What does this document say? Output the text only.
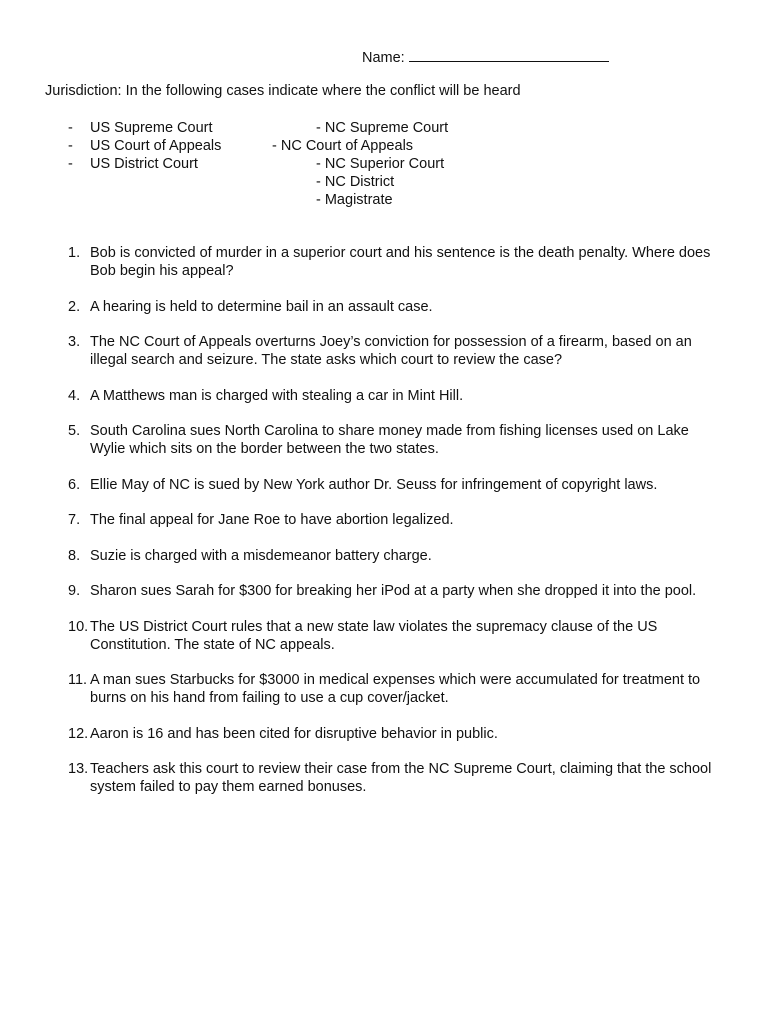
Name:
Jurisdiction: In the following cases indicate where the conflict will be heard
-	US Supreme Court
-	US Court of Appeals
-	US District Court
- NC Supreme Court
- NC Court of Appeals
- NC Superior Court
- NC District
- Magistrate
1. Bob is convicted of murder in a superior court and his sentence is the death penalty. Where does Bob begin his appeal?
2. A hearing is held to determine bail in an assault case.
3. The NC Court of Appeals overturns Joey’s conviction for possession of a firearm, based on an illegal search and seizure. The state asks which court to review the case?
4. A Matthews man is charged with stealing a car in Mint Hill.
5. South Carolina sues North Carolina to share money made from fishing licenses used on Lake Wylie which sits on the border between the two states.
6. Ellie May of NC is sued by New York author Dr. Seuss for infringement of copyright laws.
7. The final appeal for Jane Roe to have abortion legalized.
8. Suzie is charged with a misdemeanor battery charge.
9. Sharon sues Sarah for $300 for breaking her iPod at a party when she dropped it into the pool.
10. The US District Court rules that a new state law violates the supremacy clause of the US Constitution. The state of NC appeals.
11. A man sues Starbucks for $3000 in medical expenses which were accumulated for treatment to burns on his hand from failing to use a cup cover/jacket.
12. Aaron is 16 and has been cited for disruptive behavior in public.
13. Teachers ask this court to review their case from the NC Supreme Court, claiming that the school system failed to pay them earned bonuses.
